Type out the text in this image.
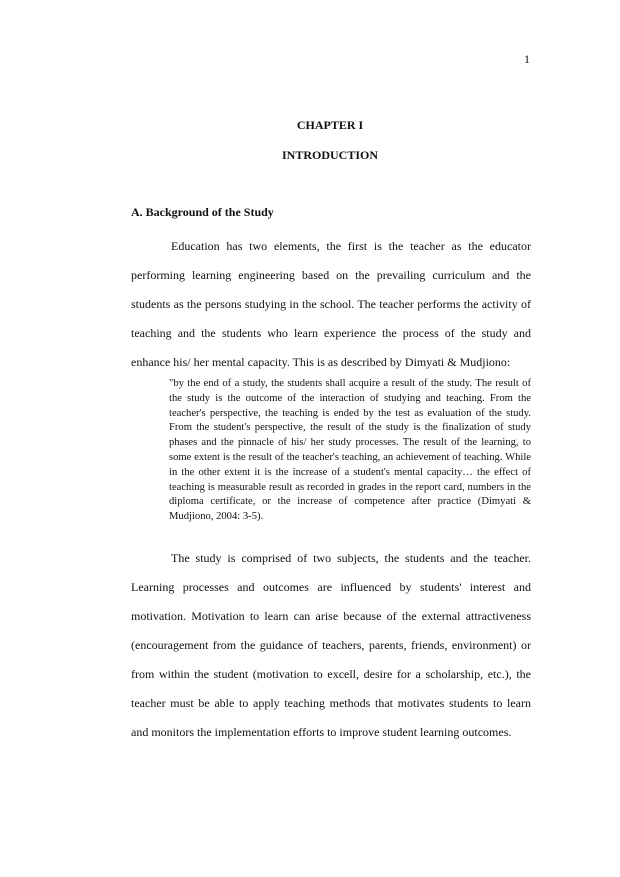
1
CHAPTER I
INTRODUCTION
A. Background of the Study

Education has two elements, the first is the teacher as the educator performing learning engineering based on the prevailing curriculum and the students as the persons studying in the school. The teacher performs the activity of teaching and the students who learn experience the process of the study and enhance his/ her mental capacity. This is as described by Dimyati & Mudjiono:

"by the end of a study, the students shall acquire a result of the study. The result of the study is the outcome of the interaction of studying and teaching. From the teacher's perspective, the teaching is ended by the test as evaluation of the study. From the student's perspective, the result of the study is the finalization of study phases and the pinnacle of his/ her study processes. The result of the learning, to some extent is the result of the teacher's teaching, an achievement of teaching. While in the other extent it is the increase of a student's mental capacity… the effect of teaching is measurable result as recorded in grades in the report card, numbers in the diploma certificate, or the increase of competence after practice (Dimyati & Mudjiono, 2004: 3-5).

The study is comprised of two subjects, the students and the teacher. Learning processes and outcomes are influenced by students' interest and motivation. Motivation to learn can arise because of the external attractiveness (encouragement from the guidance of teachers, parents, friends, environment) or from within the student (motivation to excell, desire for a scholarship, etc.), the teacher must be able to apply teaching methods that motivates students to learn and monitors the implementation efforts to improve student learning outcomes.
